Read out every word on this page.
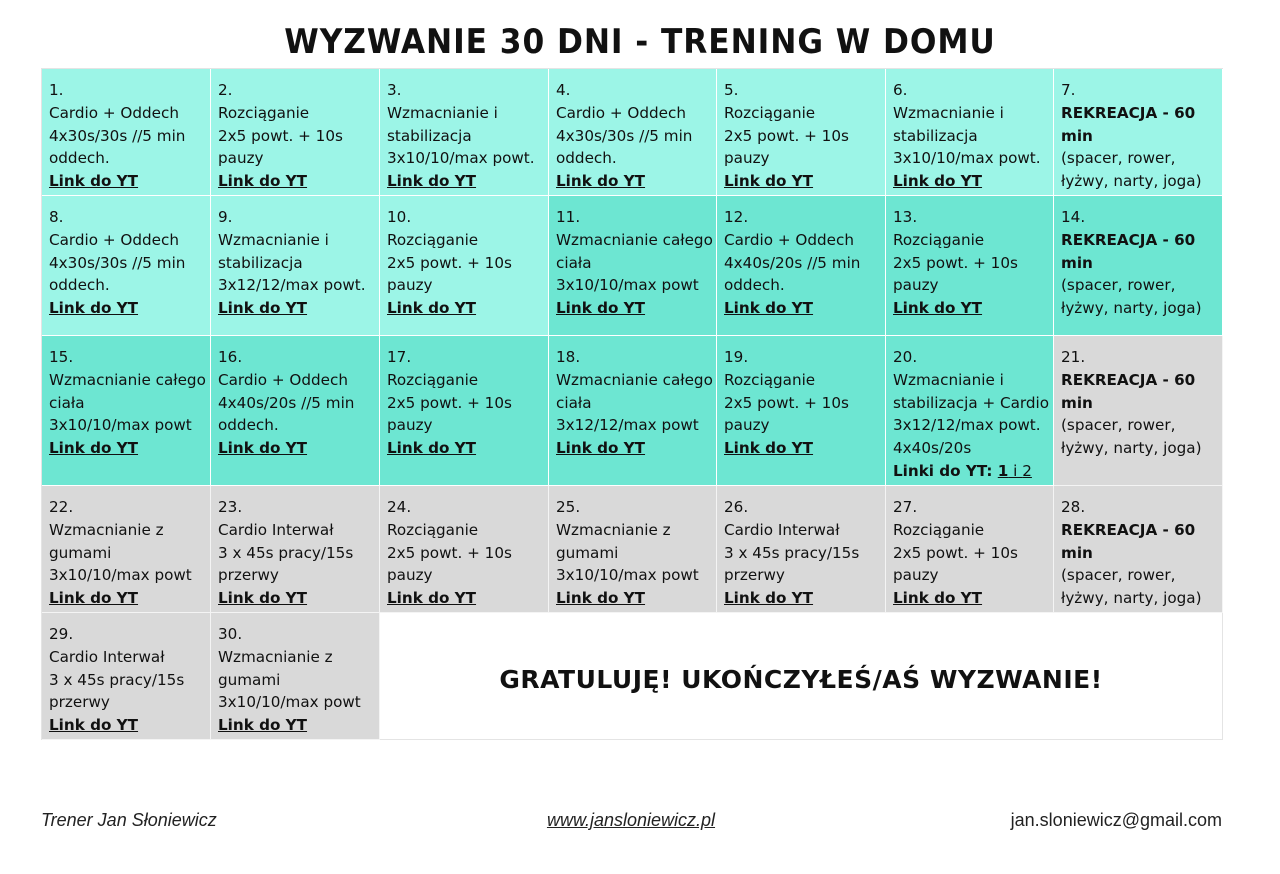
WYZWANIE 30 DNI - TRENING W DOMU
1.
Cardio + Oddech
4x30s/30s //5 min
oddech.
Link do YT
2.
Rozciąganie
2x5 powt. + 10s
pauzy
Link do YT
3.
Wzmacnianie i
stabilizacja
3x10/10/max powt.
Link do YT
4.
Cardio + Oddech
4x30s/30s //5 min
oddech.
Link do YT
5.
Rozciąganie
2x5 powt. + 10s
pauzy
Link do YT
6.
Wzmacnianie i
stabilizacja
3x10/10/max powt.
Link do YT
7.
REKREACJA - 60
min
(spacer, rower,
łyżwy, narty, joga)
8.
Cardio + Oddech
4x30s/30s //5 min
oddech.
Link do YT
9.
Wzmacnianie i
stabilizacja
3x12/12/max powt.
Link do YT
10.
Rozciąganie
2x5 powt. + 10s
pauzy
Link do YT
11.
Wzmacnianie całego
ciała
3x10/10/max powt
Link do YT
12.
Cardio + Oddech
4x40s/20s //5 min
oddech.
Link do YT
13.
Rozciąganie
2x5 powt. + 10s
pauzy
Link do YT
14.
REKREACJA - 60
min
(spacer, rower,
łyżwy, narty, joga)
15.
Wzmacnianie całego
ciała
3x10/10/max powt
Link do YT
16.
Cardio + Oddech
4x40s/20s //5 min
oddech.
Link do YT
17.
Rozciąganie
2x5 powt. + 10s
pauzy
Link do YT
18.
Wzmacnianie całego
ciała
3x12/12/max powt
Link do YT
19.
Rozciąganie
2x5 powt. + 10s
pauzy
Link do YT
20.
Wzmacnianie i
stabilizacja + Cardio
3x12/12/max powt.
4x40s/20s
Linki do YT: 1 i 2
21.
REKREACJA - 60
min
(spacer, rower,
łyżwy, narty, joga)
22.
Wzmacnianie z
gumami
3x10/10/max powt
Link do YT
23.
Cardio Interwał
3 x 45s pracy/15s
przerwy
Link do YT
24.
Rozciąganie
2x5 powt. + 10s
pauzy
Link do YT
25.
Wzmacnianie z
gumami
3x10/10/max powt
Link do YT
26.
Cardio Interwał
3 x 45s pracy/15s
przerwy
Link do YT
27.
Rozciąganie
2x5 powt. + 10s
pauzy
Link do YT
28.
REKREACJA - 60
min
(spacer, rower,
łyżwy, narty, joga)
29.
Cardio Interwał
3 x 45s pracy/15s
przerwy
Link do YT
30.
Wzmacnianie z
gumami
3x10/10/max powt
Link do YT
GRATULUJĘ! UKOŃCZYŁEŚ/AŚ WYZWANIE!
Trener Jan Słoniewicz	www.jansloniewicz.pl	jan.sloniewicz@gmail.com
